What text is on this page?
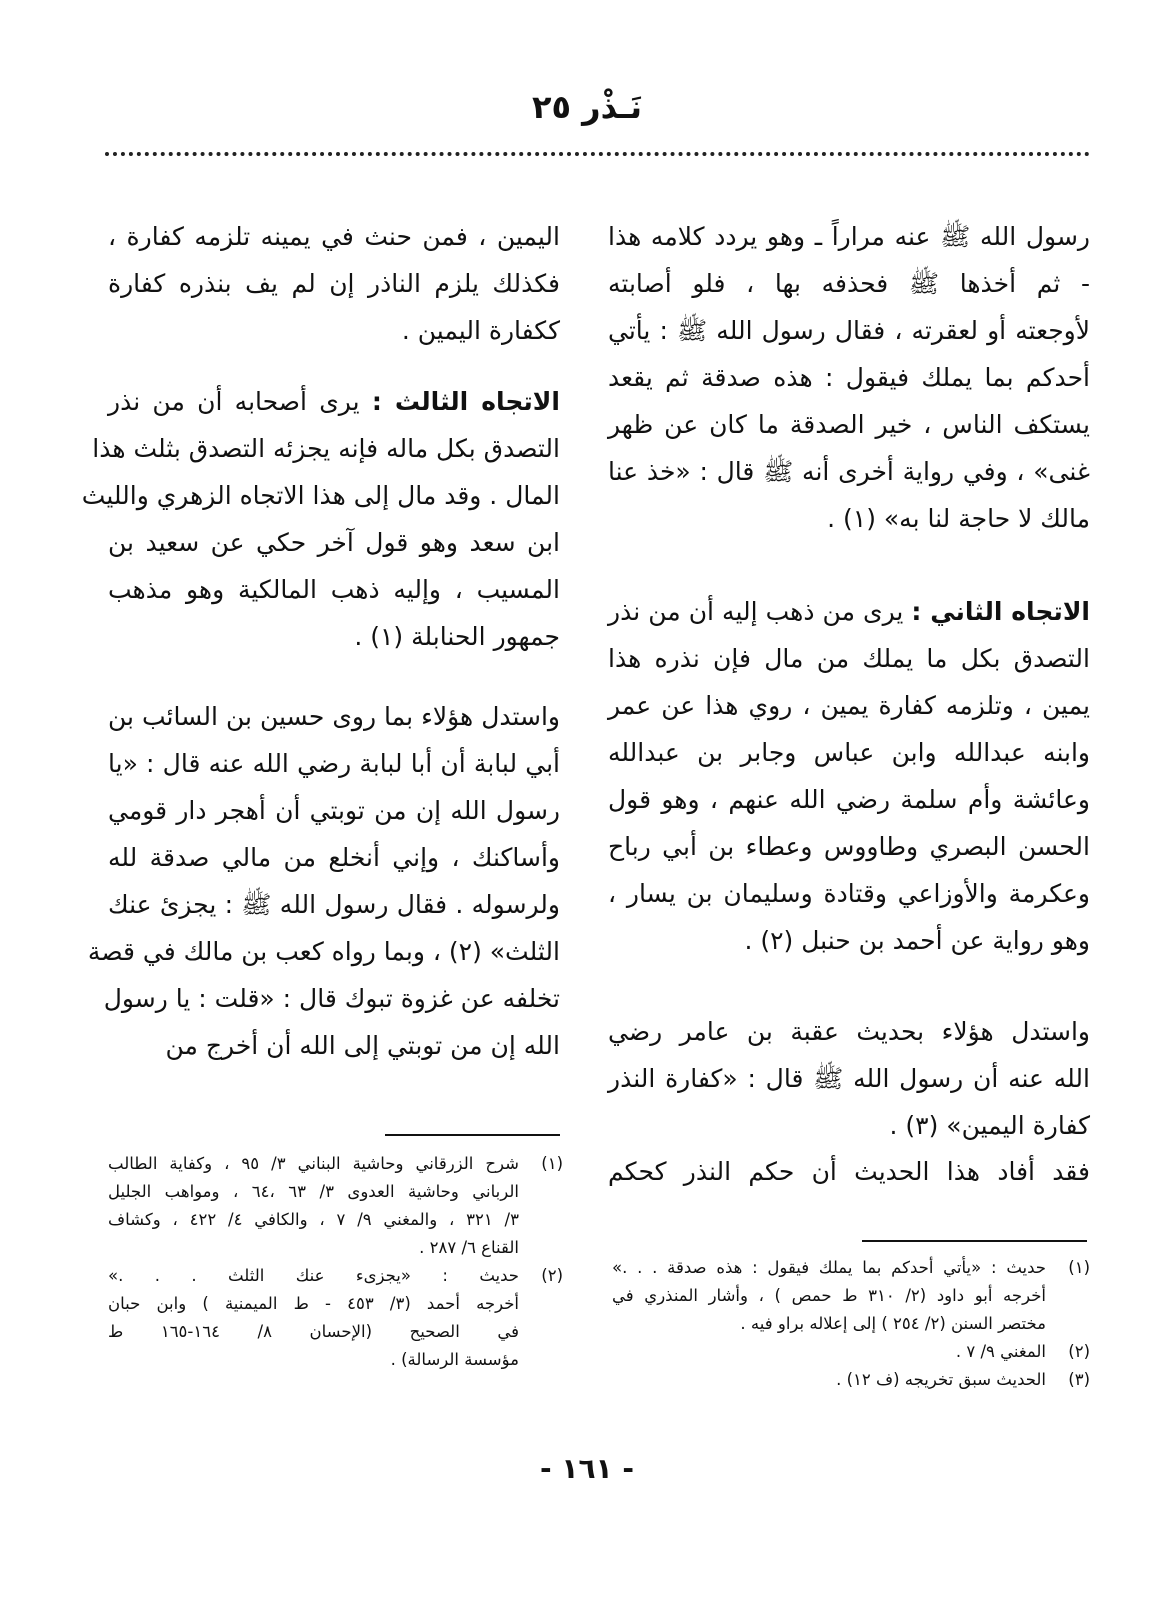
نَـذْر ٢٥
رسول الله ﷺ عنه مراراً ـ وهو يردد كلامه هذا
- ثم أخذها ﷺ فحذفه بها ، فلو أصابته
لأوجعته أو لعقرته ، فقال رسول الله ﷺ : يأتي
أحدكم بما يملك فيقول : هذه صدقة ثم يقعد
يستكف الناس ، خير الصدقة ما كان عن ظهر
غنى» ، وفي رواية أخرى أنه ﷺ قال : «خذ عنا
مالك لا حاجة لنا به» (١) .
الاتجاه الثاني : يرى من ذهب إليه أن من نذر
التصدق بكل ما يملك من مال فإن نذره هذا
يمين ، وتلزمه كفارة يمين ، روي هذا عن عمر
وابنه عبدالله وابن عباس وجابر بن عبدالله
وعائشة وأم سلمة رضي الله عنهم ، وهو قول
الحسن البصري وطاووس وعطاء بن أبي رباح
وعكرمة والأوزاعي وقتادة وسليمان بن يسار ،
وهو رواية عن أحمد بن حنبل (٢) .
واستدل هؤلاء بحديث عقبة بن عامر رضي
الله عنه أن رسول الله ﷺ قال : «كفارة النذر
كفارة اليمين» (٣) .
فقد أفاد هذا الحديث أن حكم النذر كحكم
اليمين ، فمن حنث في يمينه تلزمه كفارة ،
فكذلك يلزم الناذر إن لم يف بنذره كفارة
ككفارة اليمين .
الاتجاه الثالث : يرى أصحابه أن من نذر
التصدق بكل ماله فإنه يجزئه التصدق بثلث هذا
المال . وقد مال إلى هذا الاتجاه الزهري والليث
ابن سعد وهو قول آخر حكي عن سعيد بن
المسيب ، وإليه ذهب المالكية وهو مذهب
جمهور الحنابلة (١) .
واستدل هؤلاء بما روى حسين بن السائب بن
أبي لبابة أن أبا لبابة رضي الله عنه قال : «يا
رسول الله إن من توبتي أن أهجر دار قومي
وأساكنك ، وإني أنخلع من مالي صدقة لله
ولرسوله . فقال رسول الله ﷺ : يجزئ عنك
الثلث» (٢) ، وبما رواه كعب بن مالك في قصة
تخلفه عن غزوة تبوك قال : «قلت : يا رسول
الله إن من توبتي إلى الله أن أخرج من
(١)
شرح الزرقاني وحاشية البناني ٣/ ٩٥ ، وكفاية الطالب
الرباني وحاشية العدوى ٣/ ٦٣ ،٦٤ ، ومواهب الجليل
٣/ ٣٢١ ، والمغني ٩/ ٧ ، والكافي ٤/ ٤٢٢ ، وكشاف
القناع ٦/ ٢٨٧ .
(٢)
حديث : «يجزىء عنك الثلث . . .»
أخرجه أحمد (٣/ ٤٥٣ - ط الميمنية ) وابن حبان
في الصحيح (الإحسان ٨/ ١٦٤-١٦٥ ط
مؤسسة الرسالة) .
(١)
حديث : «يأتي أحدكم بما يملك فيقول : هذه صدقة . . .»
أخرجه أبو داود (٢/ ٣١٠ ط حمص ) ، وأشار المنذري في
مختصر السنن (٢/ ٢٥٤ ) إلى إعلاله براو فيه .
(٢)
المغني ٩/ ٧ .
(٣)
الحديث سبق تخريجه (ف ١٢) .
- ١٦١ -
